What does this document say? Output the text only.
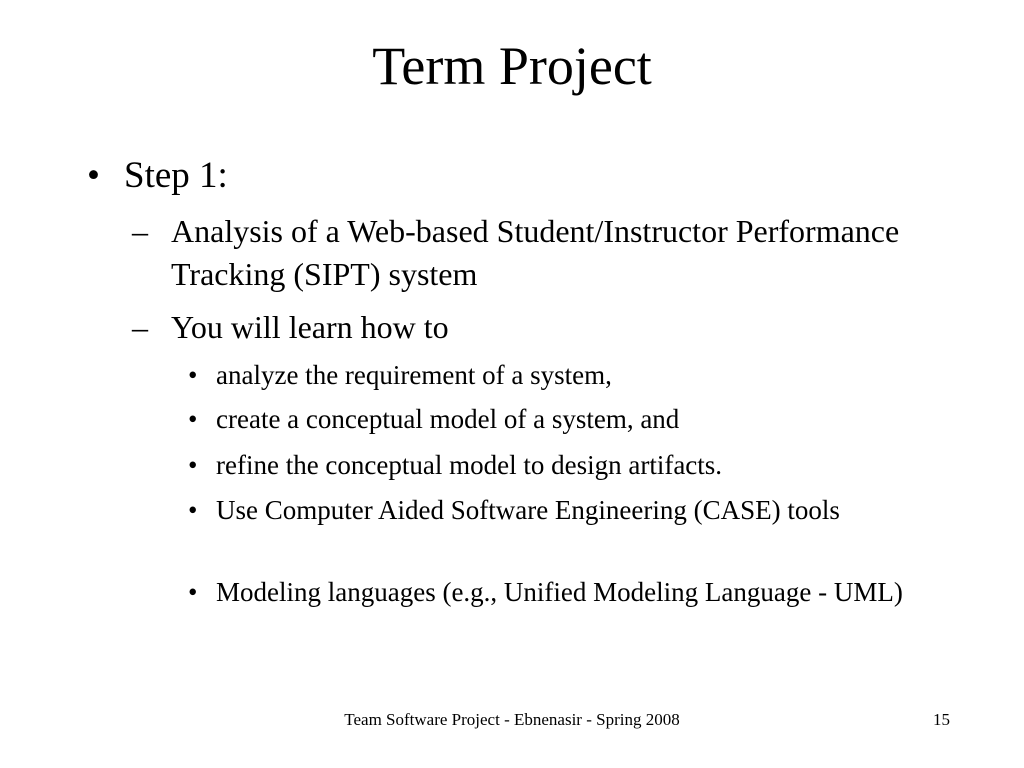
Term Project
• Step 1:
– Analysis of a Web-based Student/Instructor Performance Tracking (SIPT) system
– You will learn how to
• analyze the requirement of a system,
• create a conceptual model of a system, and
• refine the conceptual model to design artifacts.
• Use Computer Aided Software Engineering (CASE) tools
• Modeling languages (e.g., Unified Modeling Language - UML)
Team Software Project - Ebnenasir - Spring 2008	15
